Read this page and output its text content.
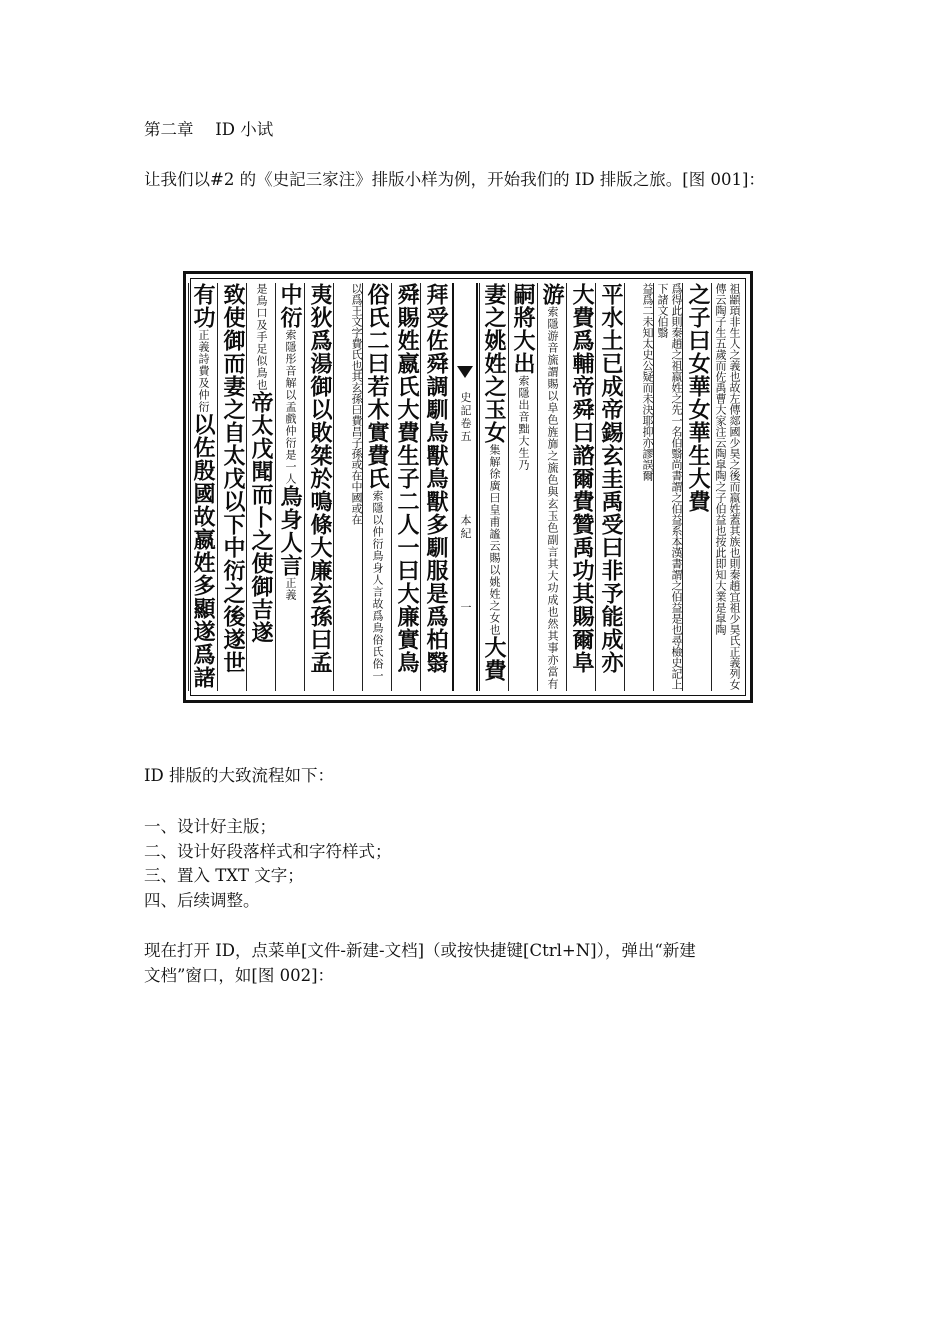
第二章　 ID 小试
让我们以#2 的《史記三家注》排版小样为例，开始我们的 ID 排版之旅。[图 001]：
祖顓頊非生人之義也故左傳郯國少昊之後而嬴姓蓋其族也則秦趙宜祖少昊氏正義列女傳云陶子生五歲而佐禹曹大家注云陶皐陶之子伯益也按此即知大業是皐陶
之子曰女華女華生大費
爲得此則秦趙之祖嬴姓之先一名伯翳尚書謂之伯益系本漢書謂之伯益是也尋檢史記上下諸文伯翳
益爲二未知太史公疑而未決耶抑亦謬誤爾
平水土已成帝錫玄圭禹受曰非予能成亦
大費爲輔帝舜曰諮爾費贊禹功其賜爾阜
游索隱游音旒謂賜以阜色旌旆之旒色與玄玉色副言其大功成也然其事亦當有
嗣將大出索隱出音黜大生乃
妻之姚姓之玉女集解徐廣曰皇甫謐云賜以姚姓之女也大費
史記卷五  本紀  一
拜受佐舜調馴鳥獸鳥獸多馴服是爲柏翳
舜賜姓嬴氏大費生子二人一曰大廉實鳥
俗氏二曰若木實費氏索隱以仲衍鳥身人言故爲鳥俗氏俗一
以爲王文字費氏也其玄孫曰費昌子孫或在中國或在
夷狄爲湯御以敗桀於鳴條大廉玄孫曰孟
中衍索隱彤音解以孟戲仲衍是一人鳥身人言正義
是鳥口及手足似鳥也帝太戊聞而卜之使御吉遂
致使御而妻之自太戊以下中衍之後遂世
有功正義詩費及仲衍以佐殷國故嬴姓多顯遂爲諸
ID 排版的大致流程如下：
一、设计好主版；
二、设计好段落样式和字符样式；
三、置入 TXT 文字；
四、后续调整。
现在打开 ID，点菜单[文件-新建-文档]（或按快捷键[Ctrl+N]），弹出“新建
文档”窗口，如[图 002]：
